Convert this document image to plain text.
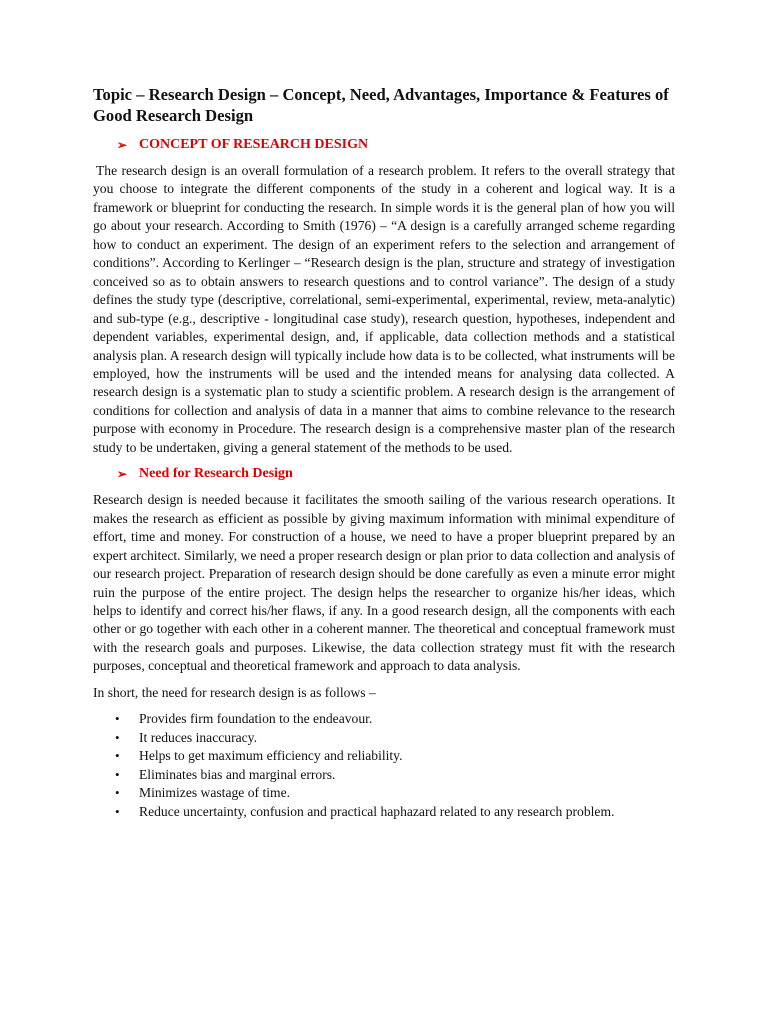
Topic – Research Design – Concept, Need, Advantages, Importance & Features of Good Research Design
➢ CONCEPT OF RESEARCH DESIGN

The research design is an overall formulation of a research problem. It refers to the overall strategy that you choose to integrate the different components of the study in a coherent and logical way. It is a framework or blueprint for conducting the research. In simple words it is the general plan of how you will go about your research. According to Smith (1976) – “A design is a carefully arranged scheme regarding how to conduct an experiment. The design of an experiment refers to the selection and arrangement of conditions”. According to Kerlinger – “Research design is the plan, structure and strategy of investigation conceived so as to obtain answers to research questions and to control variance”. The design of a study defines the study type (descriptive, correlational, semi-experimental, experimental, review, meta-analytic) and sub-type (e.g., descriptive - longitudinal case study), research question, hypotheses, independent and dependent variables, experimental design, and, if applicable, data collection methods and a statistical analysis plan. A research design will typically include how data is to be collected, what instruments will be employed, how the instruments will be used and the intended means for analysing data collected. A research design is a systematic plan to study a scientific problem. A research design is the arrangement of conditions for collection and analysis of data in a manner that aims to combine relevance to the research purpose with economy in Procedure. The research design is a comprehensive master plan of the research study to be undertaken, giving a general statement of the methods to be used.

➢ Need for Research Design

Research design is needed because it facilitates the smooth sailing of the various research operations. It makes the research as efficient as possible by giving maximum information with minimal expenditure of effort, time and money. For construction of a house, we need to have a proper blueprint prepared by an expert architect. Similarly, we need a proper research design or plan prior to data collection and analysis of our research project. Preparation of research design should be done carefully as even a minute error might ruin the purpose of the entire project. The design helps the researcher to organize his/her ideas, which helps to identify and correct his/her flaws, if any. In a good research design, all the components with each other or go together with each other in a coherent manner. The theoretical and conceptual framework must with the research goals and purposes. Likewise, the data collection strategy must fit with the research purposes, conceptual and theoretical framework and approach to data analysis.

In short, the need for research design is as follows –

•	Provides firm foundation to the endeavour.
•	It reduces inaccuracy.
•	Helps to get maximum efficiency and reliability.
•	Eliminates bias and marginal errors.
•	Minimizes wastage of time.
•	Reduce uncertainty, confusion and practical haphazard related to any research problem.
